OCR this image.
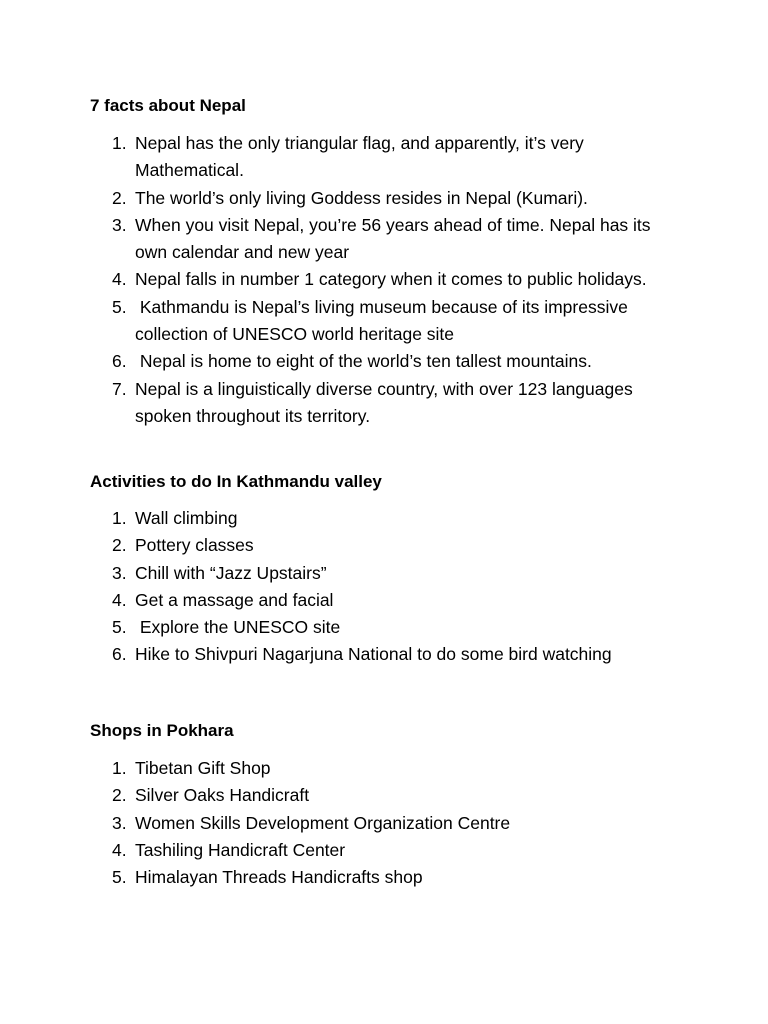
7 facts about Nepal
1. Nepal has the only triangular flag, and apparently, it’s very Mathematical.
2. The world’s only living Goddess resides in Nepal (Kumari).
3. When you visit Nepal, you’re 56 years ahead of time. Nepal has its own calendar and new year
4. Nepal falls in number 1 category when it comes to public holidays.
5. Kathmandu is Nepal’s living museum because of its impressive collection of UNESCO world heritage site
6. Nepal is home to eight of the world’s ten tallest mountains.
7. Nepal is a linguistically diverse country, with over 123 languages spoken throughout its territory.
Activities to do In Kathmandu valley
1. Wall climbing
2. Pottery classes
3. Chill with “Jazz Upstairs”
4. Get a massage and facial
5. Explore the UNESCO site
6. Hike to Shivpuri Nagarjuna National to do some bird watching
Shops in Pokhara
1. Tibetan Gift Shop
2. Silver Oaks Handicraft
3. Women Skills Development Organization Centre
4. Tashiling Handicraft Center
5. Himalayan Threads Handicrafts shop
